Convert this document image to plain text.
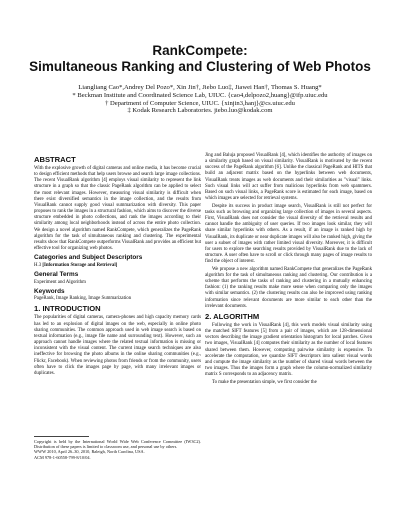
RankCompete:
Simultaneous Ranking and Clustering of Web Photos
Liangliang Cao*,Andrey Del Pozo*, Xin Jin†, Jiebo Luo‡, Jiawei Han†, Thomas S. Huang*
* Beckman Institute and Coordinated Science Lab, UIUC. {cao4,delpozo2,huang}@ifp.uiuc.edu
† Department of Computer Science, UIUC. {xinjin3,hanj}@cs.uiuc.edu
‡ Kodak Research Laboratories. jiebo.luo@kodak.com
ABSTRACT

With the explosive growth of digital cameras and online media, it has become crucial to design efficient methods that help users browse and search large image collections. The recent VisualRank algorithm [4] employs visual similarity to represent the link structure in a graph so that the classic PageRank algorithm can be applied to select the most relevant images. However, measuring visual similarity is difficult when there exist diversified semantics in the image collection, and the results from VisualRank cannot supply good visual summarization with diversity. This paper proposes to rank the images in a structural fashion, which aims to discover the diverse structure embedded in photo collections, and rank the images according to their similarity among local neighborhoods instead of across the entire photo collection. We design a novel algorithm named RankCompete, which generalizes the PageRank algorithm for the task of simultaneous ranking and clustering. The experimental results show that RankCompete outperforms VisualRank and provides an efficient but effective tool for organizing web photos.

Categories and Subject Descriptors

H.3 [Information Storage and Retrieval]

General Terms

Experiment and Algorithm

Keywords

PageRank, Image Ranking, Image Summarization

1. INTRODUCTION

The popularities of digital cameras, camera-phones and high capacity memory cards has led to an explosion of digital images on the web, especially in online photo sharing communities. The common approach used in web image search is based on textual information (e.g., image file name and surrounding text). However, such an approach cannot handle images where the related textual information is missing or inconsistent with the visual content. The current image search techniques are also ineffective for browsing the photo albums in the online sharing communities (e.g., Flickr, Facebook). When reviewing photos from friends or from the community, users often have to click the images page by page, with many irrelevant images or duplicates.

Copyright is held by the International World Wide Web Conference Committee (IW3C2). Distribution of these papers is limited to classroom use, and personal use by others.
WWW 2010, April 26–30, 2010, Raleigh, North Carolina, USA.
ACM 978-1-60558-799-8/10/04.

Jing and Baluja proposed VisualRank [4], which identifies the authority of images on a similarity graph based on visual similarity. VisualRank is motivated by the recent success of the PageRank algorithm [6]. Unlike the classical PageRank and HITS that build an adjacent matrix based on the hyperlinks between web documents, VisualRank treats images as web documents and their similarities as "visual" links. Such visual links will act suffer from malicious hyperlinks from web spammers. Based on such visual links, a PageRank score is estimated for each image, based on which images are selected for retrieval systems.

Despite its success in product image search, VisualRank is still not perfect for tasks such as browsing and organizing large collection of images in several aspects. First, VisualRank does not consider the visual diversity of the retrieval results and cannot handle the ambiguity of user queries. If two images look similar, they will share similar hyperlinks with others. As a result, if an image is ranked high by VisualRank, its duplicate or near duplicate images will also be ranked high, giving the user a subset of images with rather limited visual diversity. Moreover, it is difficult for users to explore the searching results provided by VisualRank due to the lack of structure. A user often have to scroll or click through many pages of image results to find the object of interest.

We propose a new algorithm named RankCompete that generalizes the PageRank algorithm for the task of simultaneous ranking and clustering. Our contribution is a scheme that performs the tasks of ranking and clustering in a mutually enhancing fashion: (1) the ranking results make more sense when comparing only the images with similar semantics. (2) the clustering results can also be improved using ranking information since relevant documents are more similar to each other than the irrelevant documents.

2. ALGORITHM

Following the work in VisualRank [4], this work models visual similarity using the matched SIFT features [5] from a pair of images, which are 128-dimensional vectors describing the image gradient orientation histogram for local patches. Given two images, VisualRank [4] computes their similarity as the number of local features shared between them. However, computing pairwise similarity is expensive. To accelerate the computation, we quantize SIFT descriptors into salient visual words and compute the image similarity as the number of shared visual words between the two images. Thus the images form a graph where the column-normalized similarity matrix S corresponds to an adjacency matrix.

To make the presentation simple, we first consider the
